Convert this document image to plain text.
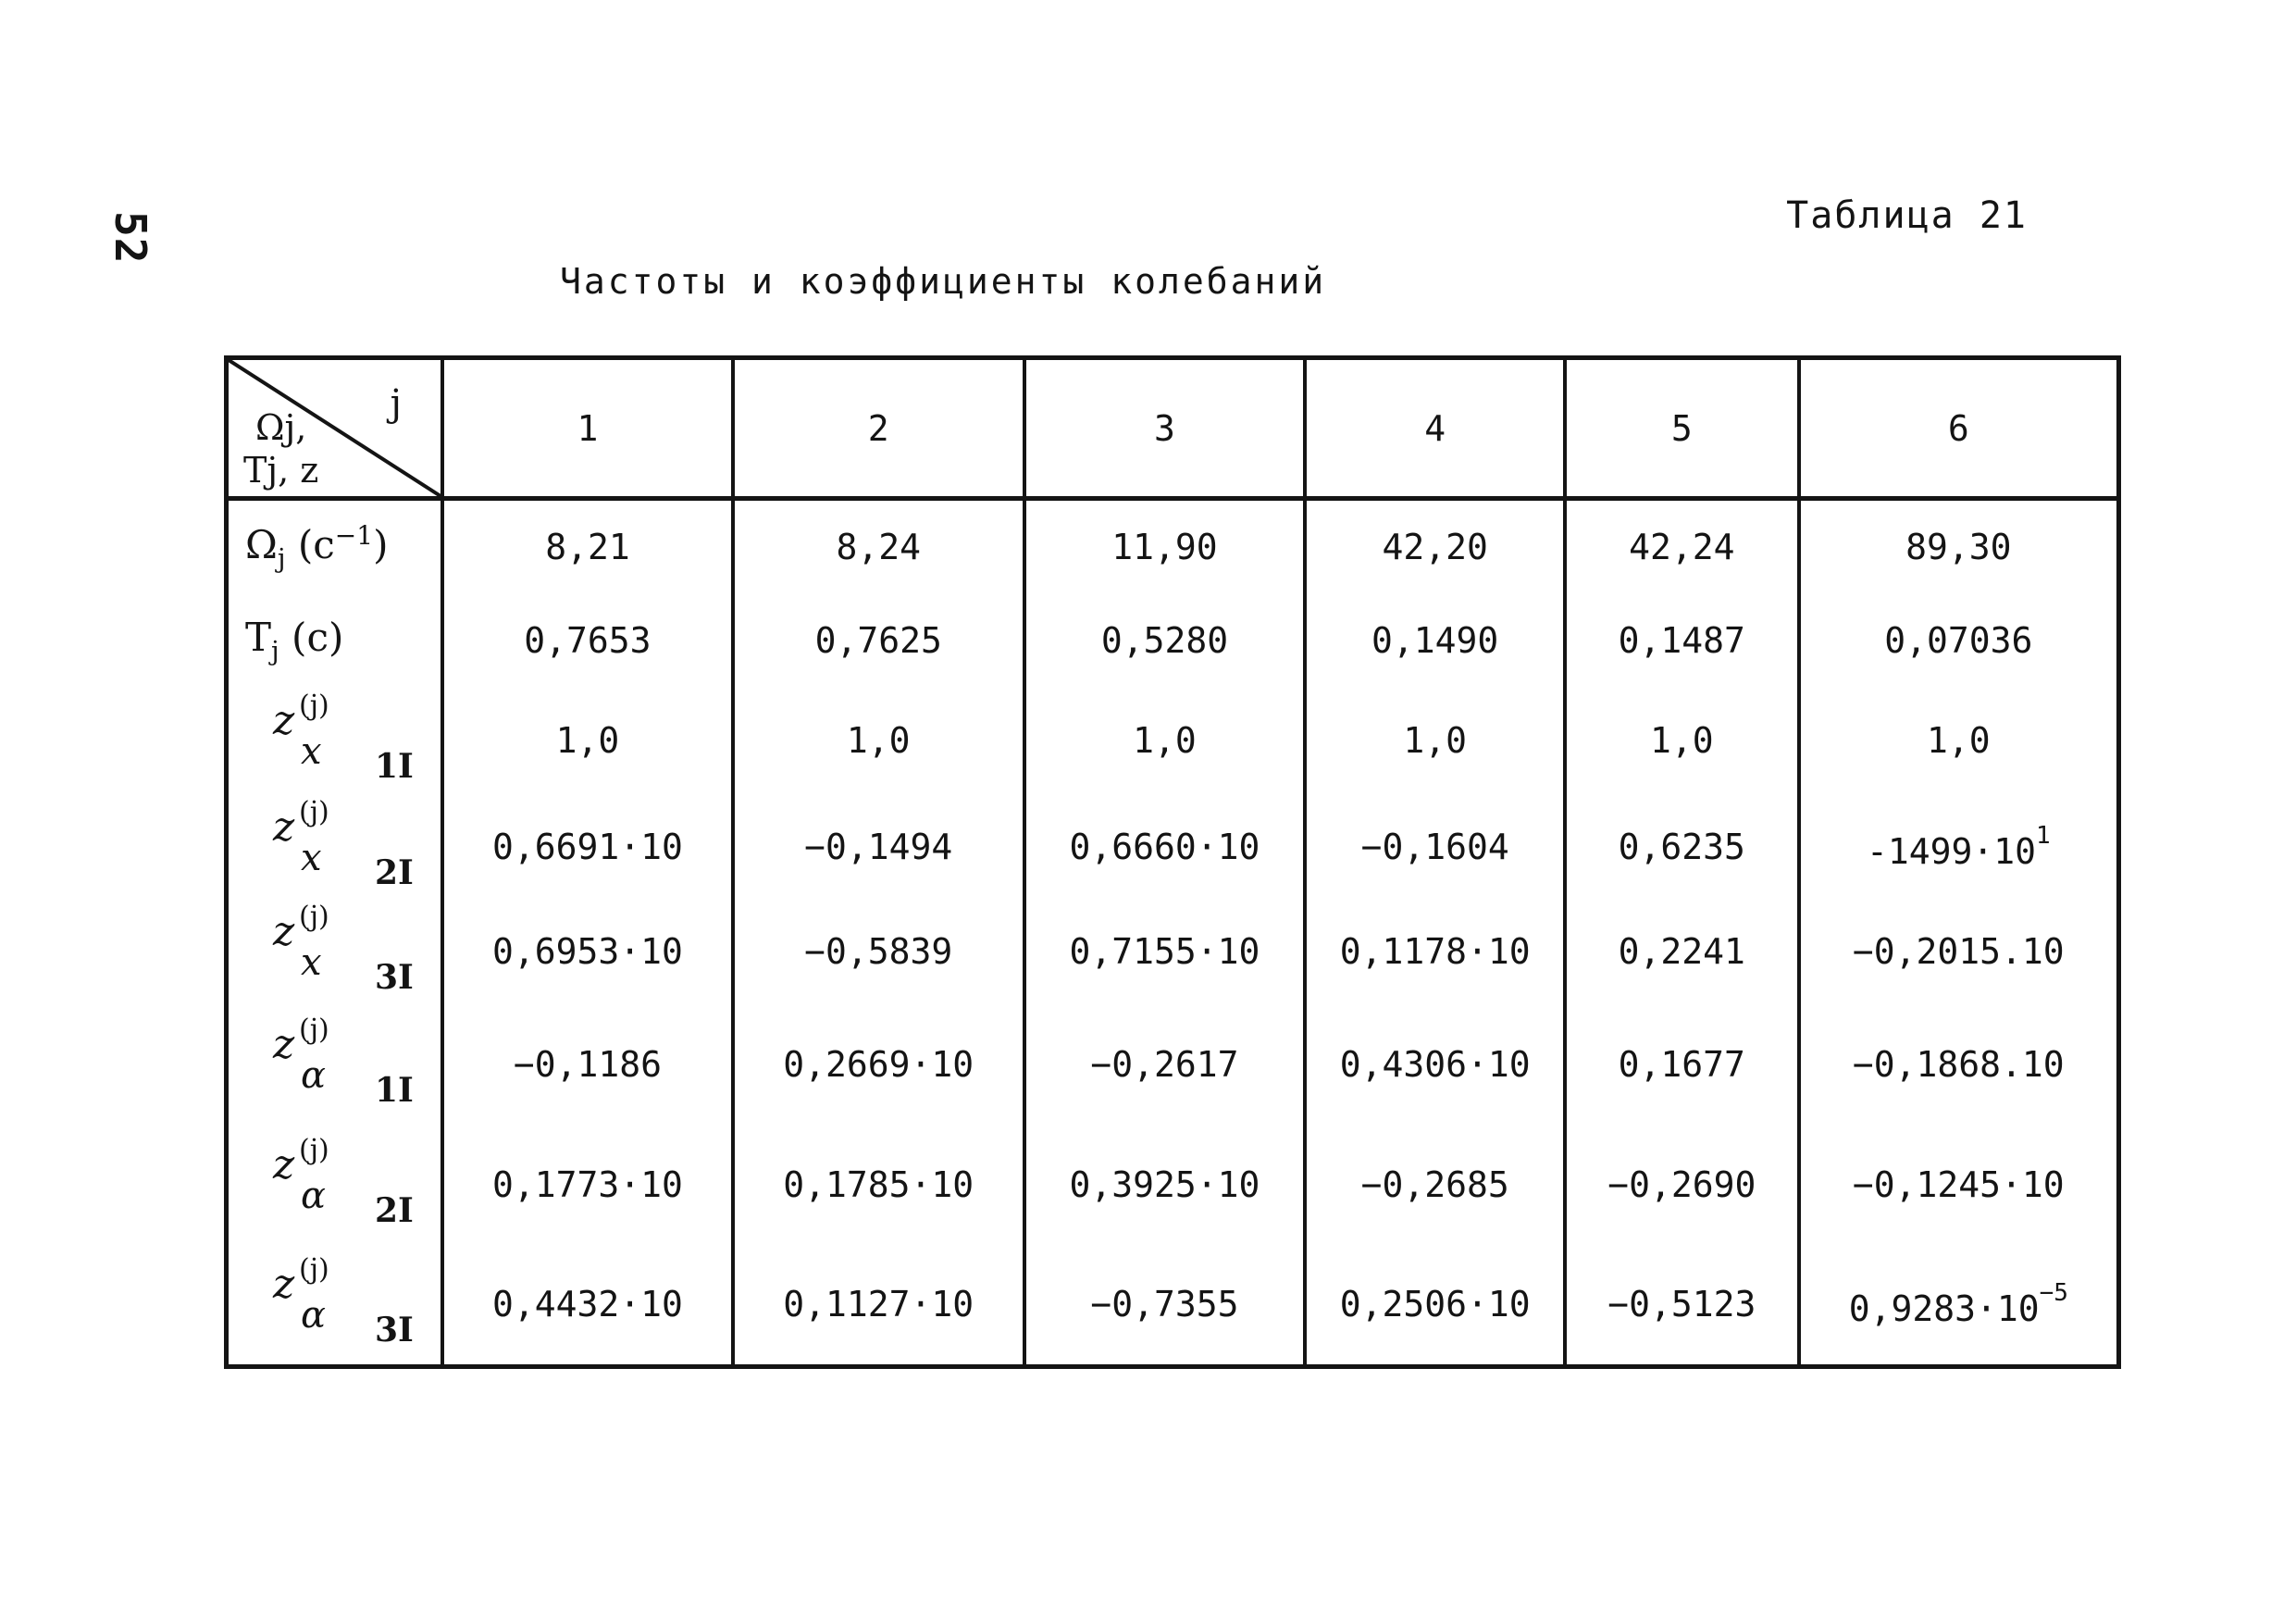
52	Таблица 21
Частоты и коэффициенты колебаний
j
Ωj,
Tj, z	1	2	3	4	5	6
$\Omega_j$ $(c^{-1})$	8,21	8,24	11,90	42,20	42,24	89,30
$T_j$ (c)	0,7653	0,7625	0,5280	0,1490	0,1487	0,07036

z (j)
x 1I	1,0	1,0	1,0	1,0	1,0	1,0

z (j)
x 2I	0,6691·10	−0,1494	0,6660·10	−0,1604	0,6235	$-1499\cdot 10^1$

z (j)
x 3I	0,6953·10	−0,5839	0,7155·10	0,1178·10	0,2241	−0,2015.10

z (j)
α 1I	−0,1186	0,2669·10	−0,2617	0,4306·10	0,1677	−0,1868.10

z (j)
α 2I	0,1773·10	0,1785·10	0,3925·10	−0,2685	−0,2690	−0,1245·10

z (j)
α 3I	0,4432·10	0,1127·10	−0,7355	0,2506·10	−0,5123	$0,9283\cdot 10^{-5}$
